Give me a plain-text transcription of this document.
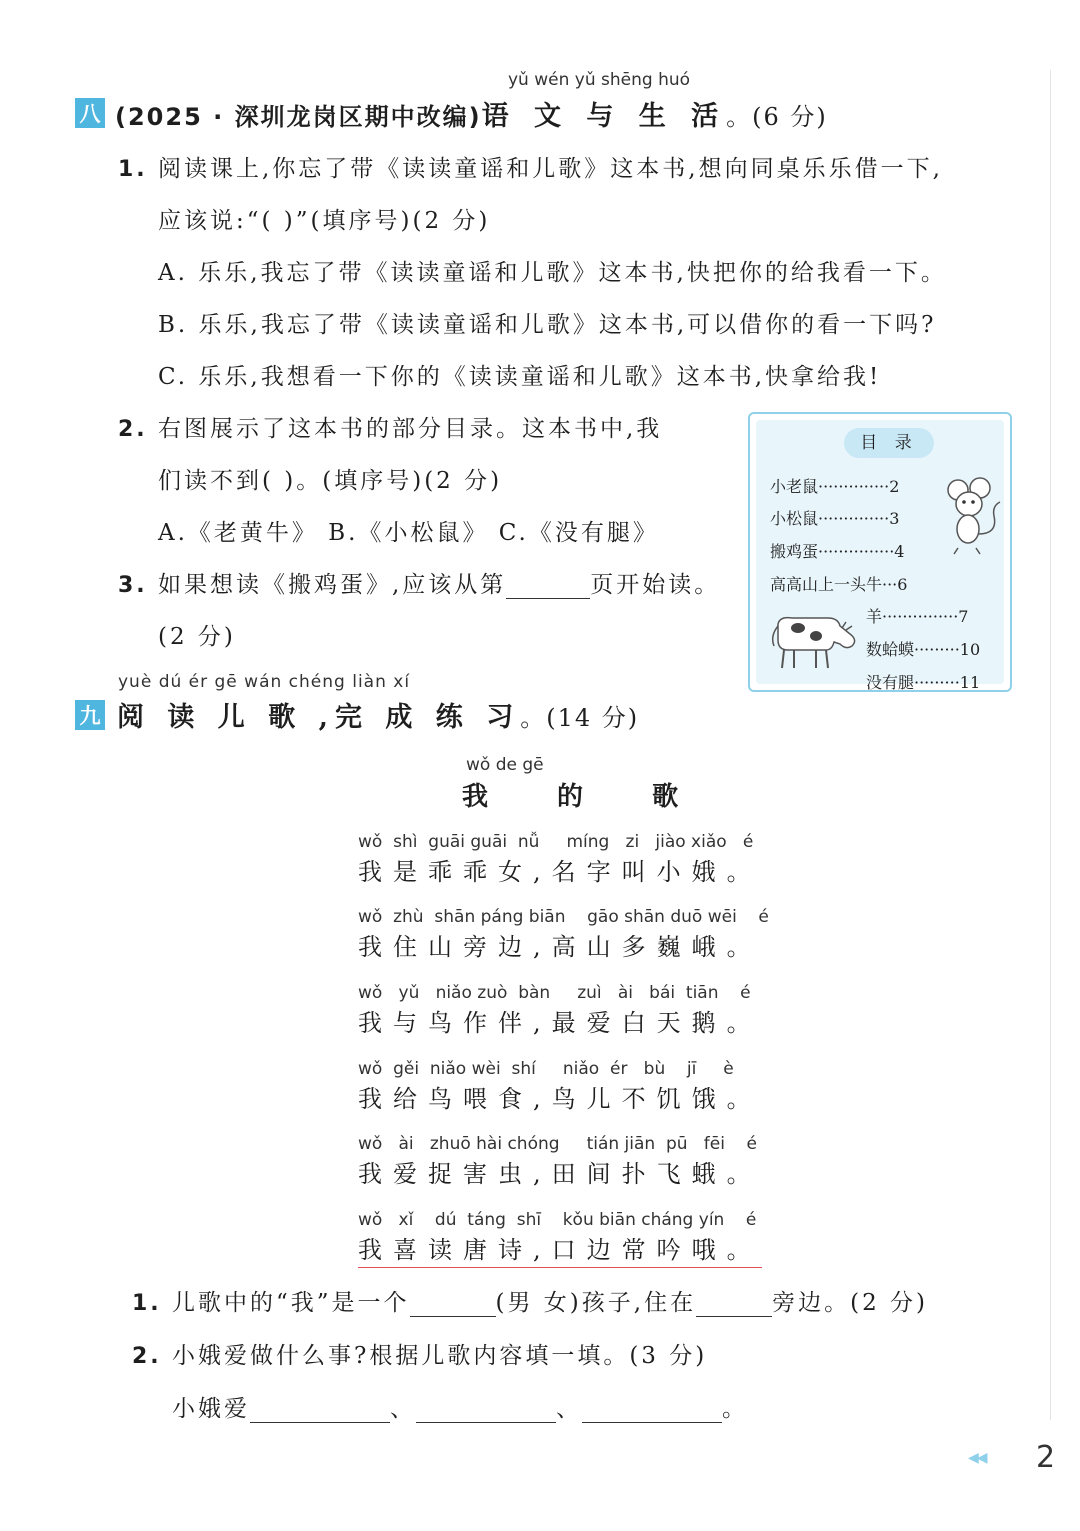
yǔ wén yǔ shēng huó
八 (2025 · 深圳龙岗区期中改编)语 文 与 生 活。(6 分)
1. 阅读课上,你忘了带《读读童谣和儿歌》这本书,想向同桌乐乐借一下,
应该说:“( )”(填序号)(2 分)
A. 乐乐,我忘了带《读读童谣和儿歌》这本书,快把你的给我看一下。
B. 乐乐,我忘了带《读读童谣和儿歌》这本书,可以借你的看一下吗?
C. 乐乐,我想看一下你的《读读童谣和儿歌》这本书,快拿给我!
2. 右图展示了这本书的部分目录。这本书中,我
们读不到( )。(填序号)(2 分)
A.《老黄牛》 B.《小松鼠》 C.《没有腿》
3. 如果想读《搬鸡蛋》,应该从第	页开始读。
(2 分)
目 录
小老鼠··············2
小松鼠··············3
搬鸡蛋···············4
高高山上一头牛···6
羊···············7
数蛤蟆·········10
没有腿·········11
yuè dú ér gē wán chéng liàn xí
九 阅 读 儿 歌 ,完 成 练 习。(14 分)
wǒ de gē
我 的 歌
wǒ  shì  guāi guāi  nǚ     míng   zi   jiào xiǎo   é
我是乖乖女,名字叫小娥。
wǒ  zhù  shān páng biān    gāo shān duō wēi    é
我住山旁边,高山多巍峨。
wǒ   yǔ   niǎo zuò  bàn     zuì   ài   bái  tiān    é
我与鸟作伴,最爱白天鹅。
wǒ  gěi  niǎo wèi  shí     niǎo  ér   bù    jī     è
我给鸟喂食,鸟儿不饥饿。
wǒ   ài   zhuō hài chóng     tián jiān  pū   fēi    é
我爱捉害虫,田间扑飞蛾。
wǒ   xǐ    dú  táng  shī    kǒu biān cháng yín    é
我喜读唐诗,口边常吟哦。
1. 儿歌中的“我”是一个	(男 女)孩子,住在	旁边。(2 分)
2. 小娥爱做什么事?根据儿歌内容填一填。(3 分)
小娥爱	、	、	。
◀◀ 2
